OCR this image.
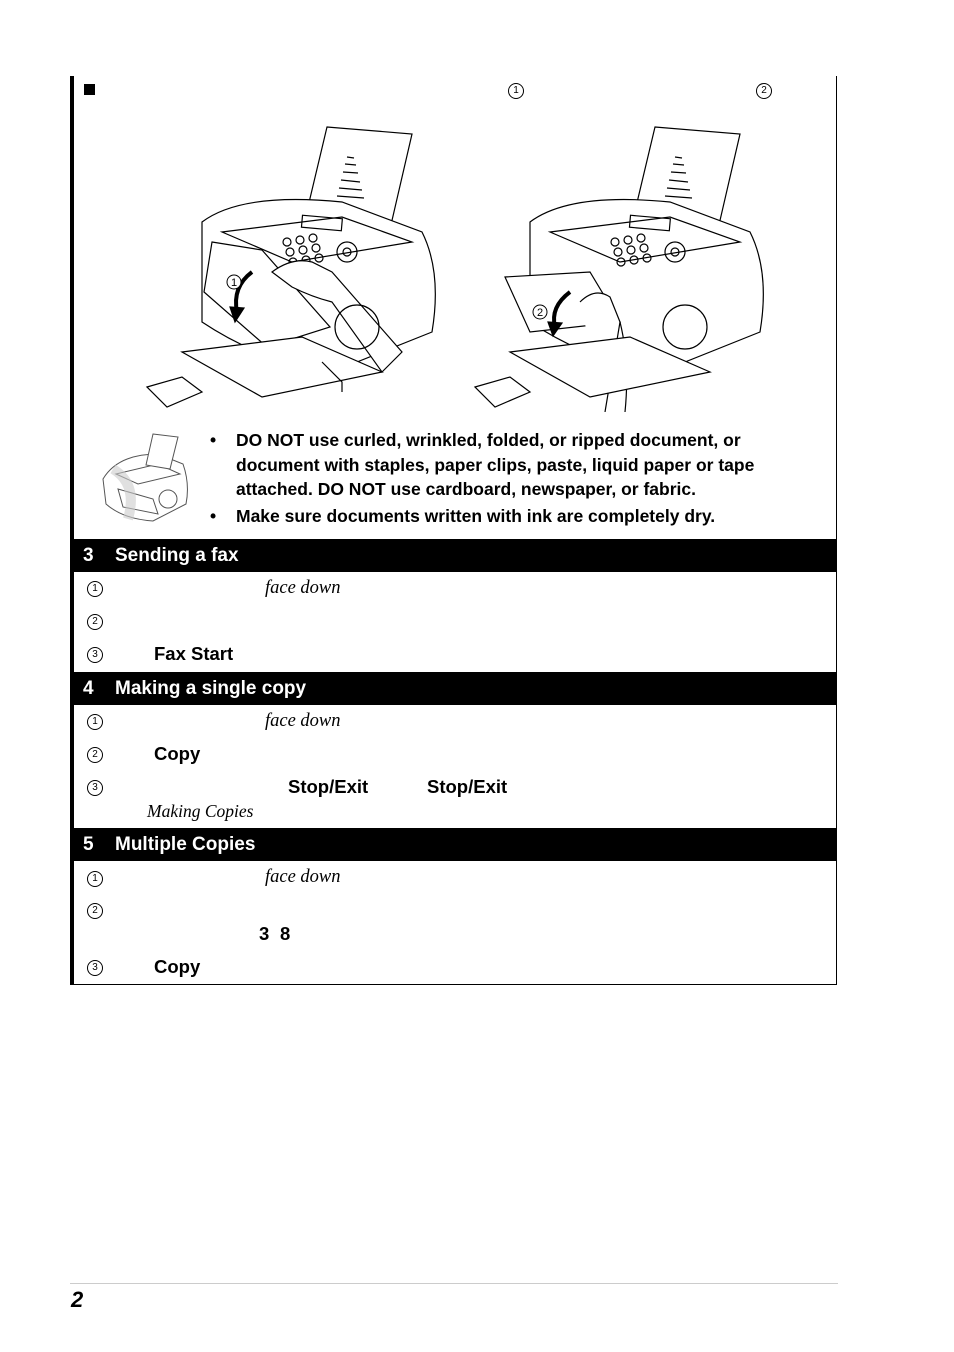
1	2
1
2
• DO NOT use curled, wrinkled, folded, or ripped document, or document with staples, paper clips, paste, liquid paper or tape attached. DO NOT use cardboard, newspaper, or fabric.
• Make sure documents written with ink are completely dry.
3 Sending a fax
1	face down
2
3	Fax Start
4 Making a single copy
1	face down
2	Copy
3	Stop/Exit	Stop/Exit
Making Copies
5 Multiple Copies
1	face down
2
3 8
3	Copy
2
